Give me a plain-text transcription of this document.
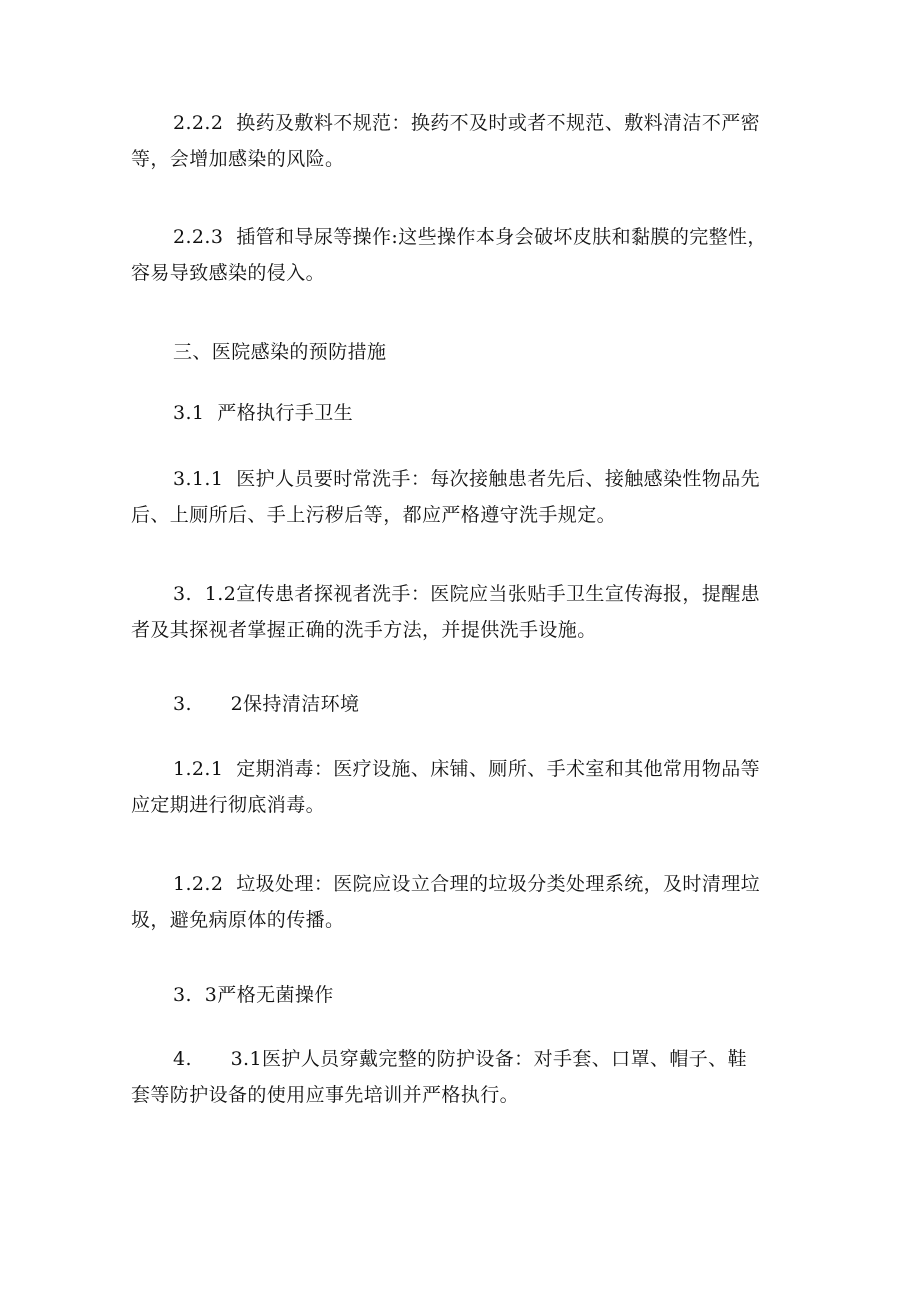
2.2.2  换药及敷料不规范：换药不及时或者不规范、敷料清洁不严密
等，会增加感染的风险。

2.2.3  插管和导尿等操作:这些操作本身会破坏皮肤和黏膜的完整性，
容易导致感染的侵入。

三、医院感染的预防措施

3.1  严格执行手卫生

3.1.1  医护人员要时常洗手：每次接触患者先后、接触感染性物品先
后、上厕所后、手上污秽后等，都应严格遵守洗手规定。

3.  1.2宣传患者探视者洗手：医院应当张贴手卫生宣传海报，提醒患
者及其探视者掌握正确的洗手方法，并提供洗手设施。

3.      2保持清洁环境

1.2.1  定期消毒：医疗设施、床铺、厕所、手术室和其他常用物品等
应定期进行彻底消毒。

1.2.2  垃圾处理：医院应设立合理的垃圾分类处理系统，及时清理垃
圾，避免病原体的传播。

3.  3严格无菌操作

4.      3.1医护人员穿戴完整的防护设备：对手套、口罩、帽子、鞋
套等防护设备的使用应事先培训并严格执行。
